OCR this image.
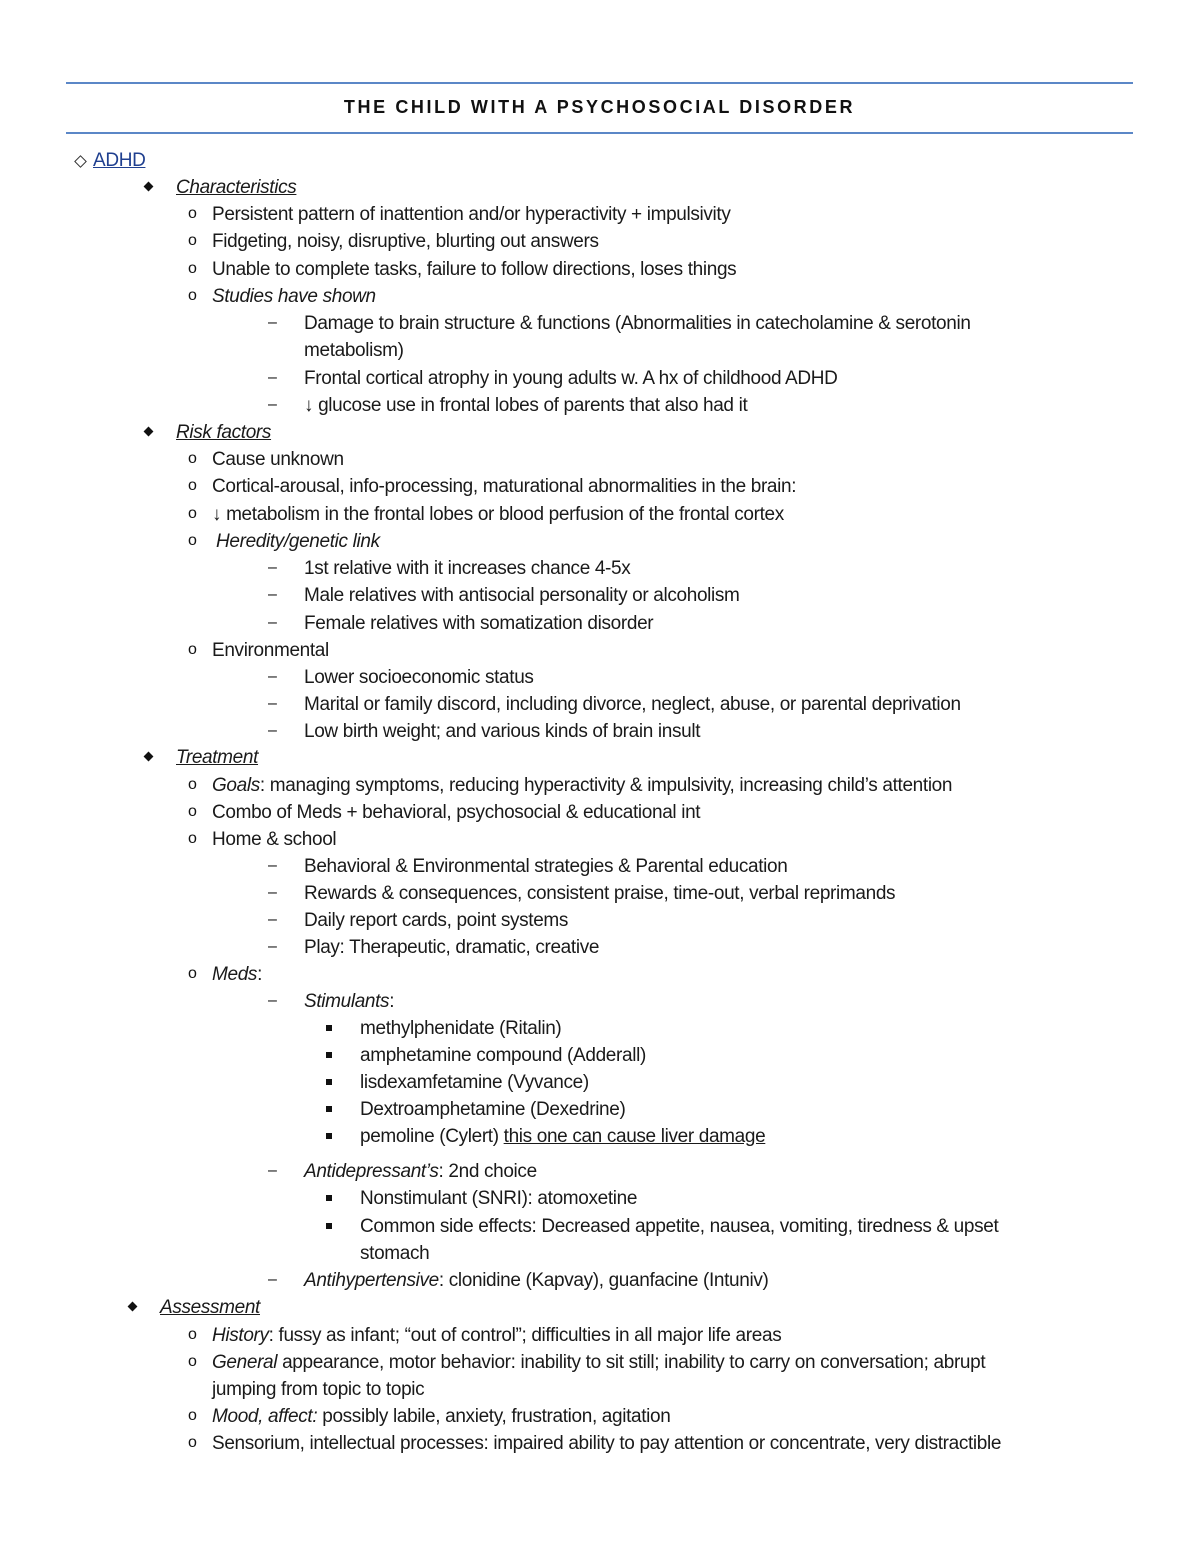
THE CHILD WITH A PSYCHOSOCIAL DISORDER
ADHD
Characteristics
o Persistent pattern of inattention and/or hyperactivity + impulsivity
o Fidgeting, noisy, disruptive, blurting out answers
o Unable to complete tasks, failure to follow directions, loses things
o Studies have shown
– Damage to brain structure & functions (Abnormalities in catecholamine & serotonin
metabolism)
– Frontal cortical atrophy in young adults w. A hx of childhood ADHD
– ↓ glucose use in frontal lobes of parents that also had it
Risk factors
o Cause unknown
o Cortical-arousal, info-processing, maturational abnormalities in the brain:
o ↓ metabolism in the frontal lobes or blood perfusion of the frontal cortex
o Heredity/genetic link
– 1st relative with it increases chance 4-5x
– Male relatives with antisocial personality or alcoholism
– Female relatives with somatization disorder
o Environmental
– Lower socioeconomic status
– Marital or family discord, including divorce, neglect, abuse, or parental deprivation
– Low birth weight; and various kinds of brain insult
Treatment
o Goals: managing symptoms, reducing hyperactivity & impulsivity, increasing child’s attention
o Combo of Meds + behavioral, psychosocial & educational int
o Home & school
– Behavioral & Environmental strategies & Parental education
– Rewards & consequences, consistent praise, time-out, verbal reprimands
– Daily report cards, point systems
– Play: Therapeutic, dramatic, creative
o Meds:
– Stimulants:
methylphenidate (Ritalin)
amphetamine compound (Adderall)
lisdexamfetamine (Vyvance)
Dextroamphetamine (Dexedrine)
pemoline (Cylert) this one can cause liver damage
– Antidepressant’s: 2nd choice
Nonstimulant (SNRI): atomoxetine
Common side effects: Decreased appetite, nausea, vomiting, tiredness & upset
stomach
– Antihypertensive: clonidine (Kapvay), guanfacine (Intuniv)
Assessment
o History: fussy as infant; “out of control”; difficulties in all major life areas
o General appearance, motor behavior: inability to sit still; inability to carry on conversation; abrupt
jumping from topic to topic
o Mood, affect: possibly labile, anxiety, frustration, agitation
o Sensorium, intellectual processes: impaired ability to pay attention or concentrate, very distractible
